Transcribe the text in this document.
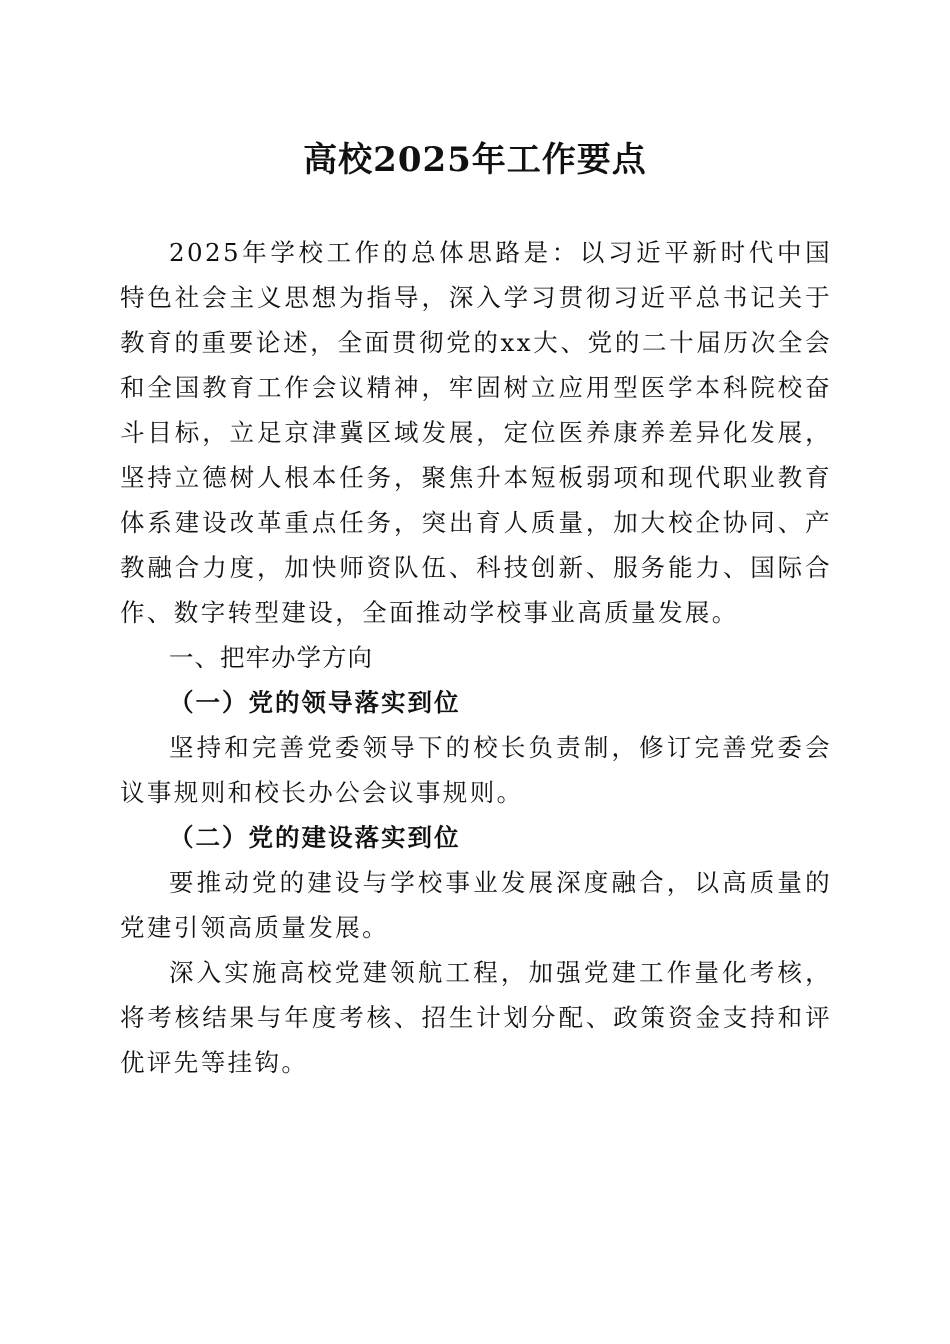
高校2025年工作要点

2025年学校工作的总体思路是：以习近平新时代中国特色社会主义思想为指导，深入学习贯彻习近平总书记关于教育的重要论述，全面贯彻党的xx大、党的二十届历次全会和全国教育工作会议精神，牢固树立应用型医学本科院校奋斗目标，立足京津冀区域发展，定位医养康养差异化发展，坚持立德树人根本任务，聚焦升本短板弱项和现代职业教育体系建设改革重点任务，突出育人质量，加大校企协同、产教融合力度，加快师资队伍、科技创新、服务能力、国际合作、数字转型建设，全面推动学校事业高质量发展。

一、把牢办学方向

（一）党的领导落实到位

坚持和完善党委领导下的校长负责制，修订完善党委会议事规则和校长办公会议事规则。

（二）党的建设落实到位

要推动党的建设与学校事业发展深度融合，以高质量的党建引领高质量发展。

深入实施高校党建领航工程，加强党建工作量化考核，将考核结果与年度考核、招生计划分配、政策资金支持和评优评先等挂钩。
